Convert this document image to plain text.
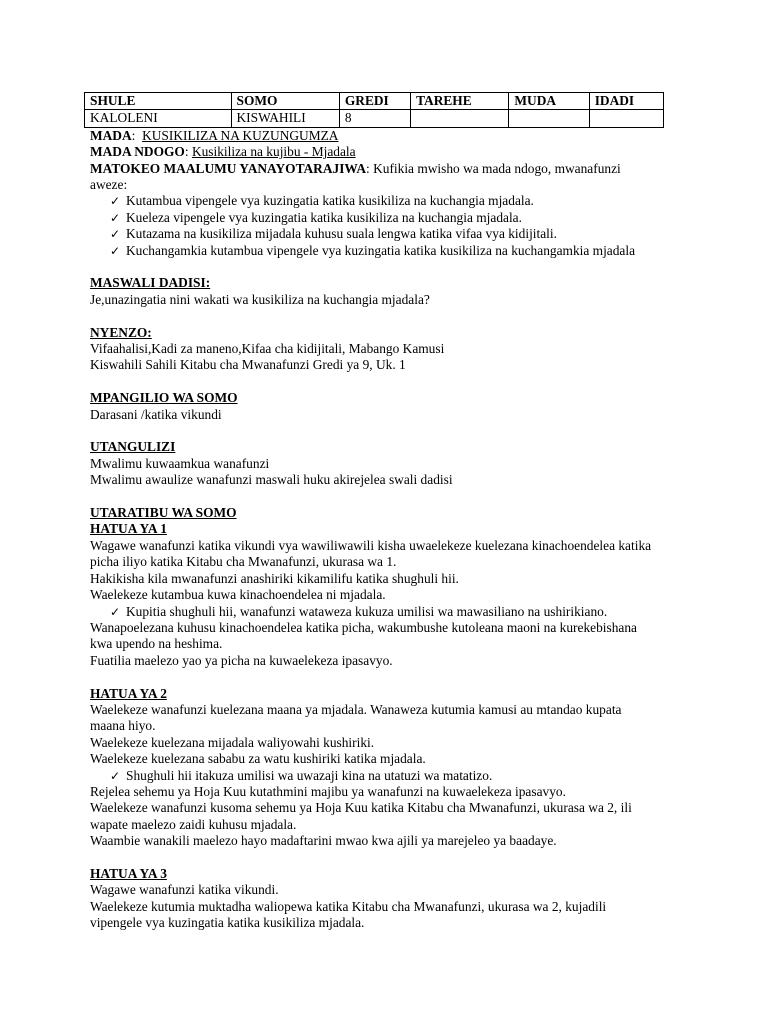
SHULE	SOMO	GREDI	TAREHE	MUDA	IDADI
KALOLENI	KISWAHILI	8			
MADA:  KUSIKILIZA NA KUZUNGUMZA
MADA NDOGO: Kusikiliza na kujibu - Mjadala
MATOKEO MAALUMU YANAYOTARAJIWA: Kufikia mwisho wa mada ndogo, mwanafunzi
aweze:
✓ Kutambua vipengele vya kuzingatia katika kusikiliza na kuchangia mjadala.
✓ Kueleza vipengele vya kuzingatia katika kusikiliza na kuchangia mjadala.
✓ Kutazama na kusikiliza mijadala kuhusu suala lengwa katika vifaa vya kidijitali.
✓ Kuchangamkia kutambua vipengele vya kuzingatia katika kusikiliza na kuchangamkia mjadala
MASWALI DADISI:
Je,unazingatia nini wakati wa kusikiliza na kuchangia mjadala?
NYENZO:
Vifaahalisi,Kadi za maneno,Kifaa cha kidijitali, Mabango Kamusi
Kiswahili Sahili Kitabu cha Mwanafunzi Gredi ya 9, Uk. 1
MPANGILIO WA SOMO
Darasani /katika vikundi
UTANGULIZI
Mwalimu kuwaamkua wanafunzi
Mwalimu awaulize wanafunzi maswali huku akirejelea swali dadisi
UTARATIBU WA SOMO
HATUA YA 1
Wagawe wanafunzi katika vikundi vya wawiliwawili kisha uwaelekeze kuelezana kinachoendelea katika
picha iliyo katika Kitabu cha Mwanafunzi, ukurasa wa 1.
Hakikisha kila mwanafunzi anashiriki kikamilifu katika shughuli hii.
Waelekeze kutambua kuwa kinachoendelea ni mjadala.
✓ Kupitia shughuli hii, wanafunzi wataweza kukuza umilisi wa mawasiliano na ushirikiano.
Wanapoelezana kuhusu kinachoendelea katika picha, wakumbushe kutoleana maoni na kurekebishana
kwa upendo na heshima.
Fuatilia maelezo yao ya picha na kuwaelekeza ipasavyo.
HATUA YA 2
Waelekeze wanafunzi kuelezana maana ya mjadala. Wanaweza kutumia kamusi au mtandao kupata
maana hiyo.
Waelekeze kuelezana mijadala waliyowahi kushiriki.
Waelekeze kuelezana sababu za watu kushiriki katika mjadala.
✓ Shughuli hii itakuza umilisi wa uwazaji kina na utatuzi wa matatizo.
Rejelea sehemu ya Hoja Kuu kutathmini majibu ya wanafunzi na kuwaelekeza ipasavyo.
Waelekeze wanafunzi kusoma sehemu ya Hoja Kuu katika Kitabu cha Mwanafunzi, ukurasa wa 2, ili
wapate maelezo zaidi kuhusu mjadala.
Waambie wanakili maelezo hayo madaftarini mwao kwa ajili ya marejeleo ya baadaye.
HATUA YA 3
Wagawe wanafunzi katika vikundi.
Waelekeze kutumia muktadha waliopewa katika Kitabu cha Mwanafunzi, ukurasa wa 2, kujadili
vipengele vya kuzingatia katika kusikiliza mjadala.
